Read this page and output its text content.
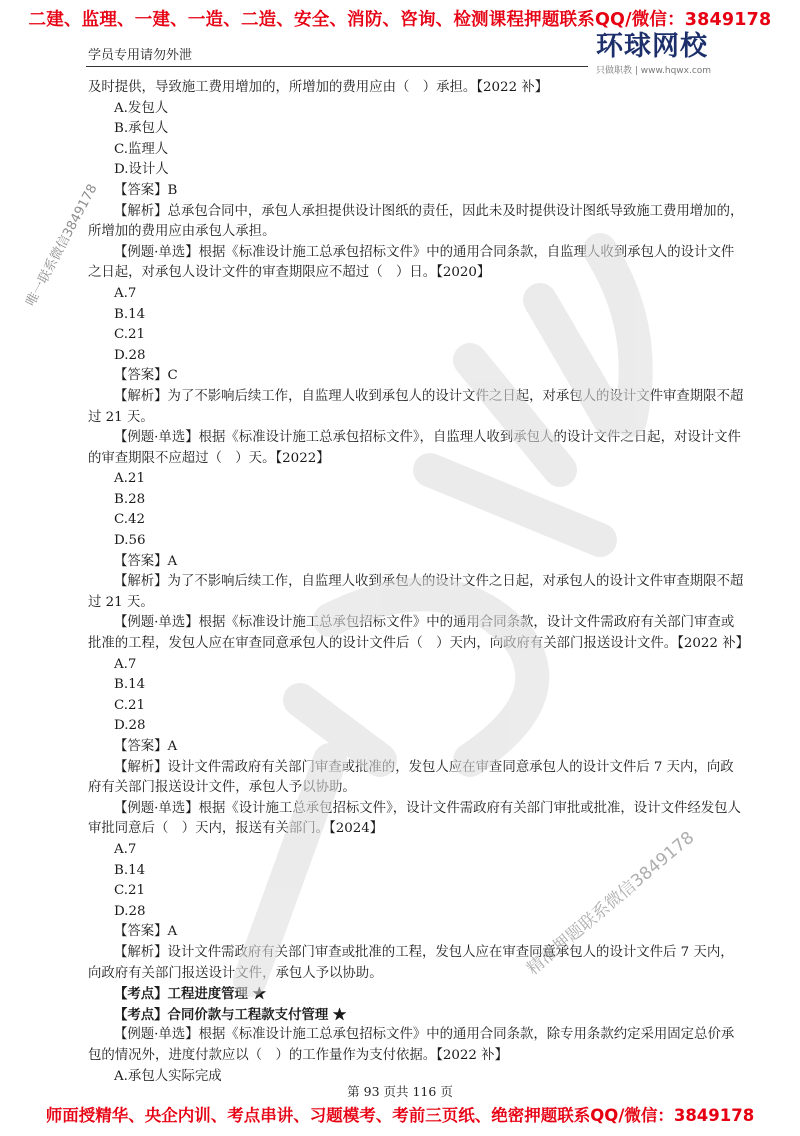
二建、监理、一建、一造、二造、安全、消防、咨询、检测课程押题联系QQ/微信：3849178
学员专用请勿外泄	环球网校
只做职教 | www.hqwx.com

及时提供，导致施工费用增加的，所增加的费用应由（　）承担。【2022 补】

A.发包人

B.承包人

C.监理人

D.设计人

【答案】B

【解析】总承包合同中，承包人承担提供设计图纸的责任，因此未及时提供设计图纸导致施工费用增加的，所增加的费用应由承包人承担。

【例题·单选】根据《标准设计施工总承包招标文件》中的通用合同条款，自监理人收到承包人的设计文件之日起，对承包人设计文件的审查期限应不超过（　）日。【2020】

A.7

B.14

C.21

D.28

【答案】C

【解析】为了不影响后续工作，自监理人收到承包人的设计文件之日起，对承包人的设计文件审查期限不超过 21 天。

【例题·单选】根据《标准设计施工总承包招标文件》，自监理人收到承包人的设计文件之日起，对设计文件的审查期限不应超过（　）天。【2022】

A.21

B.28

C.42

D.56

【答案】A

【解析】为了不影响后续工作，自监理人收到承包人的设计文件之日起，对承包人的设计文件审查期限不超过 21 天。

【例题·单选】根据《标准设计施工总承包招标文件》中的通用合同条款，设计文件需政府有关部门审查或批准的工程，发包人应在审查同意承包人的设计文件后（　）天内，向政府有关部门报送设计文件。【2022 补】

A.7

B.14

C.21

D.28

【答案】A

【解析】设计文件需政府有关部门审查或批准的，发包人应在审查同意承包人的设计文件后 7 天内，向政府有关部门报送设计文件，承包人予以协助。

【例题·单选】根据《设计施工总承包招标文件》，设计文件需政府有关部门审批或批准，设计文件经发包人审批同意后（　）天内，报送有关部门。【2024】

A.7

B.14

C.21

D.28

【答案】A

【解析】设计文件需政府有关部门审查或批准的工程，发包人应在审查同意承包人的设计文件后 7 天内，向政府有关部门报送设计文件，承包人予以协助。

【考点】工程进度管理 ★

【考点】合同价款与工程款支付管理 ★

【例题·单选】根据《标准设计施工总承包招标文件》中的通用合同条款，除专用条款约定采用固定总价承包的情况外，进度付款应以（　）的工作量作为支付依据。【2022 补】

A.承包人实际完成

第 93 页共 116 页
师面授精华、央企内训、考点串讲、习题模考、考前三页纸、绝密押题联系QQ/微信：3849178
唯一联系微信3849178
精准押题联系微信3849178
